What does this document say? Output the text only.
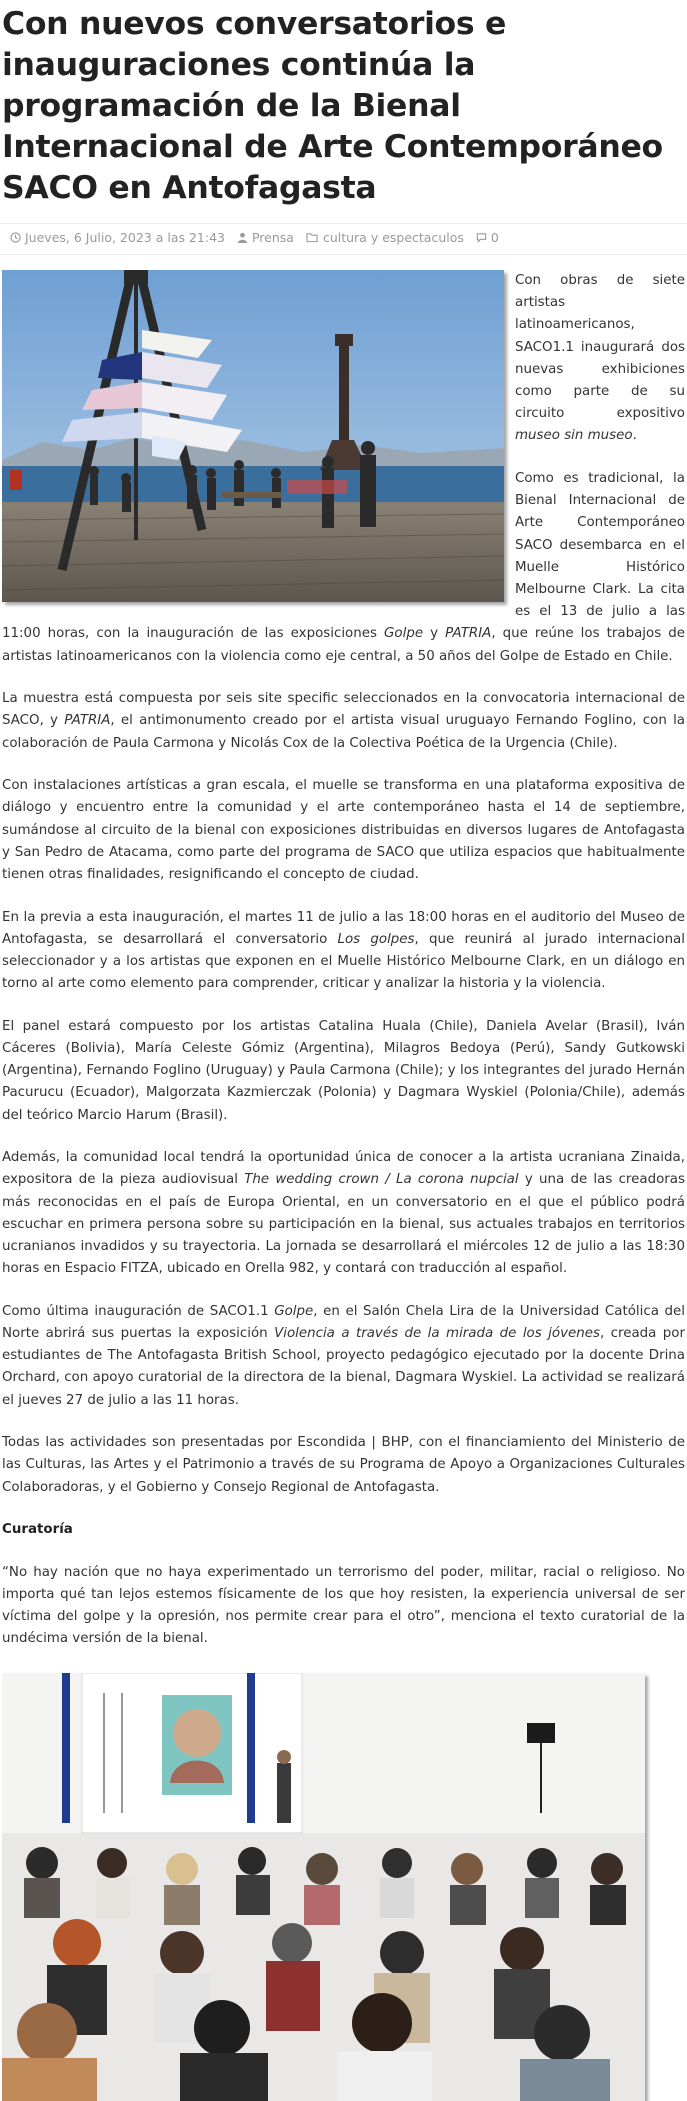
Con nuevos conversatorios e inauguraciones continúa la programación de la Bienal Internacional de Arte Contemporáneo SACO en Antofagasta
Jueves, 6 Julio, 2023 a las 21:43 Prensa cultura y espectaculos 0

Con obras de siete artistas latinoamericanos, SACO1.1 inaugurará dos nuevas exhibiciones como parte de su circuito expositivo museo sin museo.

Como es tradicional, la Bienal Internacional de Arte Contemporáneo SACO desembarca en el Muelle Histórico Melbourne Clark. La cita es el 13 de julio a las 11:00 horas, con la inauguración de las exposiciones Golpe y PATRIA, que reúne los trabajos de artistas latinoamericanos con la violencia como eje central, a 50 años del Golpe de Estado en Chile.

La muestra está compuesta por seis site specific seleccionados en la convocatoria internacional de SACO, y PATRIA, el antimonumento creado por el artista visual uruguayo Fernando Foglino, con la colaboración de Paula Carmona y Nicolás Cox de la Colectiva Poética de la Urgencia (Chile).

Con instalaciones artísticas a gran escala, el muelle se transforma en una plataforma expositiva de diálogo y encuentro entre la comunidad y el arte contemporáneo hasta el 14 de septiembre, sumándose al circuito de la bienal con exposiciones distribuidas en diversos lugares de Antofagasta y San Pedro de Atacama, como parte del programa de SACO que utiliza espacios que habitualmente tienen otras finalidades, resignificando el concepto de ciudad.

En la previa a esta inauguración, el martes 11 de julio a las 18:00 horas en el auditorio del Museo de Antofagasta, se desarrollará el conversatorio Los golpes, que reunirá al jurado internacional seleccionador y a los artistas que exponen en el Muelle Histórico Melbourne Clark, en un diálogo en torno al arte como elemento para comprender, criticar y analizar la historia y la violencia.

El panel estará compuesto por los artistas Catalina Huala (Chile), Daniela Avelar (Brasil), Iván Cáceres (Bolivia), María Celeste Gómiz (Argentina), Milagros Bedoya (Perú), Sandy Gutkowski (Argentina), Fernando Foglino (Uruguay) y Paula Carmona (Chile); y los integrantes del jurado Hernán Pacurucu (Ecuador), Malgorzata Kazmierczak (Polonia) y Dagmara Wyskiel (Polonia/Chile), además del teórico Marcio Harum (Brasil).

Además, la comunidad local tendrá la oportunidad única de conocer a la artista ucraniana Zinaida, expositora de la pieza audiovisual The wedding crown / La corona nupcial y una de las creadoras más reconocidas en el país de Europa Oriental, en un conversatorio en el que el público podrá escuchar en primera persona sobre su participación en la bienal, sus actuales trabajos en territorios ucranianos invadidos y su trayectoria. La jornada se desarrollará el miércoles 12 de julio a las 18:30 horas en Espacio FITZA, ubicado en Orella 982, y contará con traducción al español.

Como última inauguración de SACO1.1 Golpe, en el Salón Chela Lira de la Universidad Católica del Norte abrirá sus puertas la exposición Violencia a través de la mirada de los jóvenes, creada por estudiantes de The Antofagasta British School, proyecto pedagógico ejecutado por la docente Drina Orchard, con apoyo curatorial de la directora de la bienal, Dagmara Wyskiel. La actividad se realizará el jueves 27 de julio a las 11 horas.

Todas las actividades son presentadas por Escondida | BHP, con el financiamiento del Ministerio de las Culturas, las Artes y el Patrimonio a través de su Programa de Apoyo a Organizaciones Culturales Colaboradoras, y el Gobierno y Consejo Regional de Antofagasta.

Curatoría

“No hay nación que no haya experimentado un terrorismo del poder, militar, racial o religioso. No importa qué tan lejos estemos físicamente de los que hoy resisten, la experiencia universal de ser víctima del golpe y la opresión, nos permite crear para el otro”, menciona el texto curatorial de la undécima versión de la bienal.
